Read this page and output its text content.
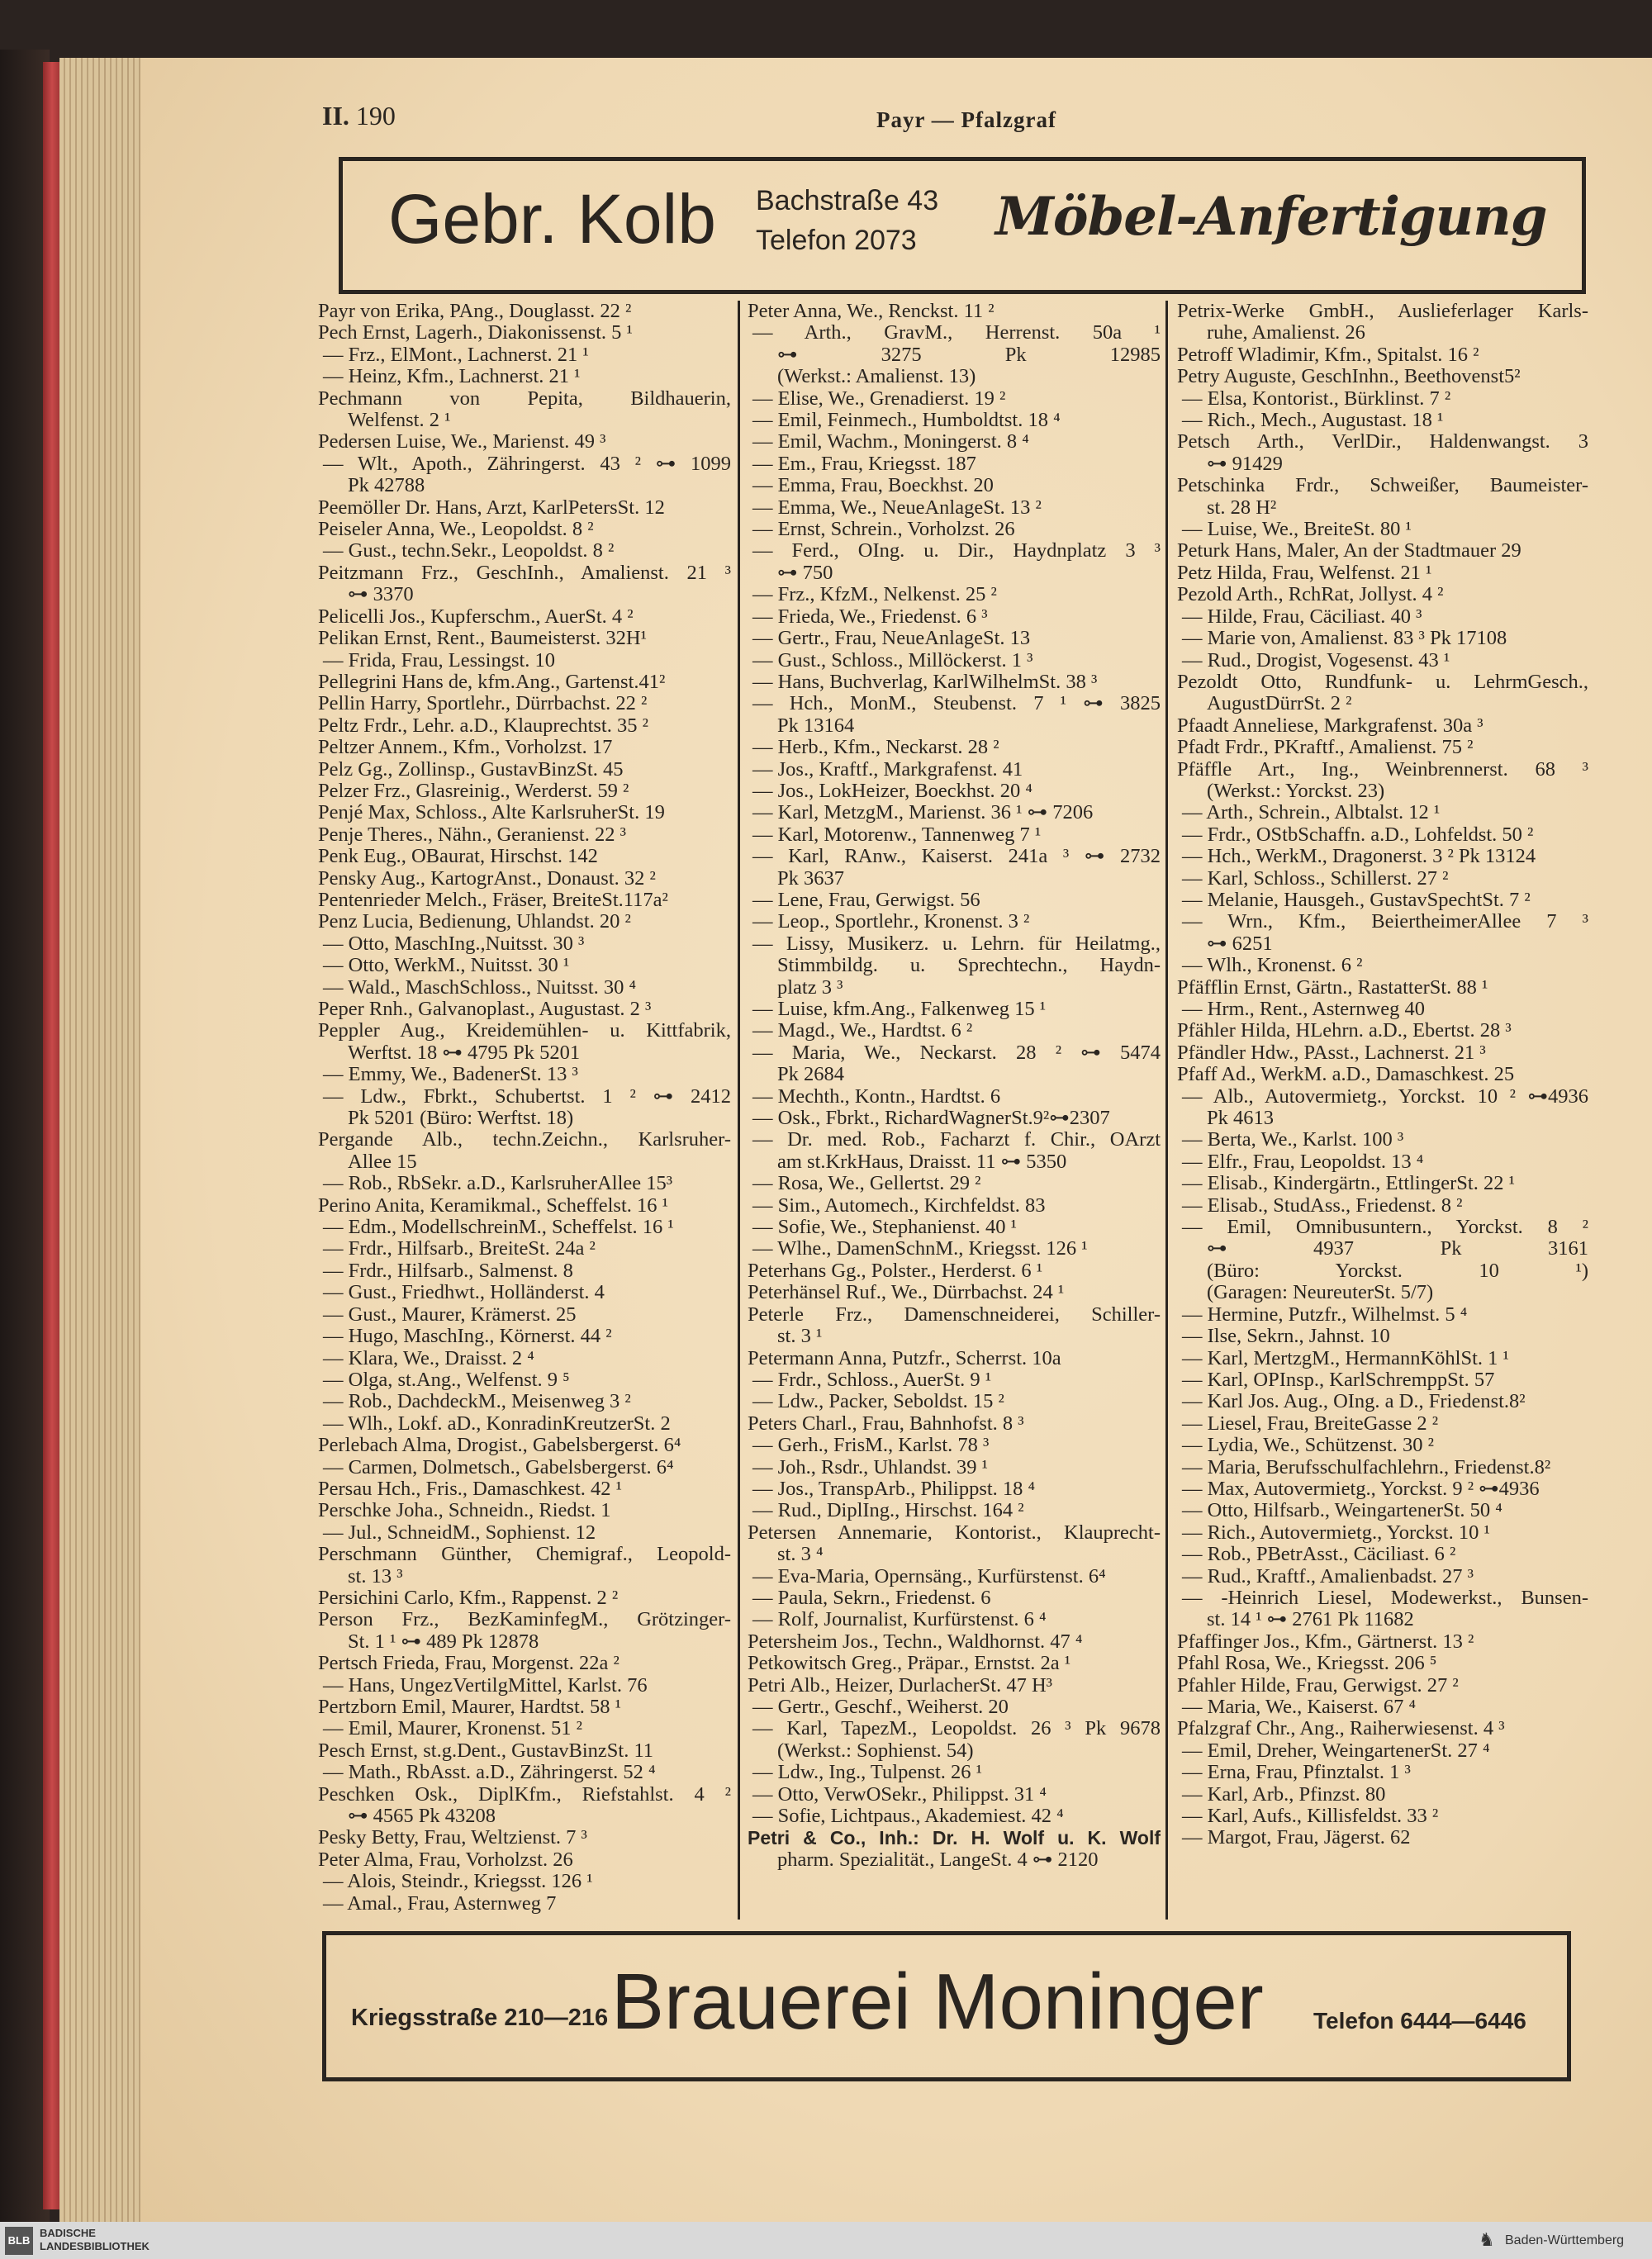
II. 190	Payr — Pfalzgraf
Gebr. Kolb Bachstraße 43
Telefon 2073	Möbel-Anfertigung
Payr von Erika, PAng., Douglasst. 22 ²
Pech Ernst, Lagerh., Diakonissenst. 5 ¹
— Frz., ElMont., Lachnerst. 21 ¹
— Heinz, Kfm., Lachnerst. 21 ¹
Pechmann von Pepita, Bildhauerin,
Welfenst. 2 ¹
Pedersen Luise, We., Marienst. 49 ³
— Wlt., Apoth., Zähringerst. 43 ² ⊶ 1099
Pk 42788
Peemöller Dr. Hans, Arzt, KarlPetersSt. 12
Peiseler Anna, We., Leopoldst. 8 ²
— Gust., techn.Sekr., Leopoldst. 8 ²
Peitzmann Frz., GeschInh., Amalienst. 21 ³
⊶ 3370
Pelicelli Jos., Kupferschm., AuerSt. 4 ²
Pelikan Ernst, Rent., Baumeisterst. 32H¹
— Frida, Frau, Lessingst. 10
Pellegrini Hans de, kfm.Ang., Gartenst.41²
Pellin Harry, Sportlehr., Dürrbachst. 22 ²
Peltz Frdr., Lehr. a.D., Klauprechtst. 35 ²
Peltzer Annem., Kfm., Vorholzst. 17
Pelz Gg., Zollinsp., GustavBinzSt. 45
Pelzer Frz., Glasreinig., Werderst. 59 ²
Penjé Max, Schloss., Alte KarlsruherSt. 19
Penje Theres., Nähn., Geranienst. 22 ³
Penk Eug., OBaurat, Hirschst. 142
Pensky Aug., KartogrAnst., Donaust. 32 ²
Pentenrieder Melch., Fräser, BreiteSt.117a²
Penz Lucia, Bedienung, Uhlandst. 20 ²
— Otto, MaschIng.,Nuitsst. 30 ³
— Otto, WerkM., Nuitsst. 30 ¹
— Wald., MaschSchloss., Nuitsst. 30 ⁴
Peper Rnh., Galvanoplast., Augustast. 2 ³
Peppler Aug., Kreidemühlen- u. Kittfabrik,
Werftst. 18 ⊶ 4795 Pk 5201
— Emmy, We., BadenerSt. 13 ³
— Ldw., Fbrkt., Schubertst. 1 ² ⊶ 2412
Pk 5201 (Büro: Werftst. 18)
Pergande Alb., techn.Zeichn., Karlsruher-
Allee 15
— Rob., RbSekr. a.D., KarlsruherAllee 15³
Perino Anita, Keramikmal., Scheffelst. 16 ¹
— Edm., ModellschreinM., Scheffelst. 16 ¹
— Frdr., Hilfsarb., BreiteSt. 24a ²
— Frdr., Hilfsarb., Salmenst. 8
— Gust., Friedhwt., Holländerst. 4
— Gust., Maurer, Krämerst. 25
— Hugo, MaschIng., Körnerst. 44 ²
— Klara, We., Draisst. 2 ⁴
— Olga, st.Ang., Welfenst. 9 ⁵
— Rob., DachdeckM., Meisenweg 3 ²
— Wlh., Lokf. aD., KonradinKreutzerSt. 2
Perlebach Alma, Drogist., Gabelsbergerst. 6⁴
— Carmen, Dolmetsch., Gabelsbergerst. 6⁴
Persau Hch., Fris., Damaschkest. 42 ¹
Perschke Joha., Schneidn., Riedst. 1
— Jul., SchneidM., Sophienst. 12
Perschmann Günther, Chemigraf., Leopold-
st. 13 ³
Persichini Carlo, Kfm., Rappenst. 2 ²
Person Frz., BezKaminfegM., Grötzinger-
St. 1 ¹ ⊶ 489 Pk 12878
Pertsch Frieda, Frau, Morgenst. 22a ²
— Hans, UngezVertilgMittel, Karlst. 76
Pertzborn Emil, Maurer, Hardtst. 58 ¹
— Emil, Maurer, Kronenst. 51 ²
Pesch Ernst, st.g.Dent., GustavBinzSt. 11
— Math., RbAsst. a.D., Zähringerst. 52 ⁴
Peschken Osk., DiplKfm., Riefstahlst. 4 ²
⊶ 4565 Pk 43208
Pesky Betty, Frau, Weltzienst. 7 ³
Peter Alma, Frau, Vorholzst. 26
— Alois, Steindr., Kriegsst. 126 ¹
— Amal., Frau, Asternweg 7
Peter Anna, We., Renckst. 11 ²
— Arth., GravM., Herrenst. 50a ¹
⊶ 3275 Pk 12985
(Werkst.: Amalienst. 13)
— Elise, We., Grenadierst. 19 ²
— Emil, Feinmech., Humboldtst. 18 ⁴
— Emil, Wachm., Moningerst. 8 ⁴
— Em., Frau, Kriegsst. 187
— Emma, Frau, Boeckhst. 20
— Emma, We., NeueAnlageSt. 13 ²
— Ernst, Schrein., Vorholzst. 26
— Ferd., OIng. u. Dir., Haydnplatz 3 ³
⊶ 750
— Frz., KfzM., Nelkenst. 25 ²
— Frieda, We., Friedenst. 6 ³
— Gertr., Frau, NeueAnlageSt. 13
— Gust., Schloss., Millöckerst. 1 ³
— Hans, Buchverlag, KarlWilhelmSt. 38 ³
— Hch., MonM., Steubenst. 7 ¹ ⊶ 3825
Pk 13164
— Herb., Kfm., Neckarst. 28 ²
— Jos., Kraftf., Markgrafenst. 41
— Jos., LokHeizer, Boeckhst. 20 ⁴
— Karl, MetzgM., Marienst. 36 ¹ ⊶ 7206
— Karl, Motorenw., Tannenweg 7 ¹
— Karl, RAnw., Kaiserst. 241a ³ ⊶ 2732
Pk 3637
— Lene, Frau, Gerwigst. 56
— Leop., Sportlehr., Kronenst. 3 ²
— Lissy, Musikerz. u. Lehrn. für Heilatmg.,
Stimmbildg. u. Sprechtechn., Haydn-
platz 3 ³
— Luise, kfm.Ang., Falkenweg 15 ¹
— Magd., We., Hardtst. 6 ²
— Maria, We., Neckarst. 28 ² ⊶ 5474
Pk 2684
— Mechth., Kontn., Hardtst. 6
— Osk., Fbrkt., RichardWagnerSt.9²⊶2307
— Dr. med. Rob., Facharzt f. Chir., OArzt
am st.KrkHaus, Draisst. 11 ⊶ 5350
— Rosa, We., Gellertst. 29 ²
— Sim., Automech., Kirchfeldst. 83
— Sofie, We., Stephanienst. 40 ¹
— Wlhe., DamenSchnM., Kriegsst. 126 ¹
Peterhans Gg., Polster., Herderst. 6 ¹
Peterhänsel Ruf., We., Dürrbachst. 24 ¹
Peterle Frz., Damenschneiderei, Schiller-
st. 3 ¹
Petermann Anna, Putzfr., Scherrst. 10a
— Frdr., Schloss., AuerSt. 9 ¹
— Ldw., Packer, Seboldst. 15 ²
Peters Charl., Frau, Bahnhofst. 8 ³
— Gerh., FrisM., Karlst. 78 ³
— Joh., Rsdr., Uhlandst. 39 ¹
— Jos., TranspArb., Philippst. 18 ⁴
— Rud., DiplIng., Hirschst. 164 ²
Petersen Annemarie, Kontorist., Klauprecht-
st. 3 ⁴
— Eva-Maria, Opernsäng., Kurfürstenst. 6⁴
— Paula, Sekrn., Friedenst. 6
— Rolf, Journalist, Kurfürstenst. 6 ⁴
Petersheim Jos., Techn., Waldhornst. 47 ⁴
Petkowitsch Greg., Präpar., Ernstst. 2a ¹
Petri Alb., Heizer, DurlacherSt. 47 H³
— Gertr., Geschf., Weiherst. 20
— Karl, TapezM., Leopoldst. 26 ³ Pk 9678
(Werkst.: Sophienst. 54)
— Ldw., Ing., Tulpenst. 26 ¹
— Otto, VerwOSekr., Philippst. 31 ⁴
— Sofie, Lichtpaus., Akademiest. 42 ⁴
Petri & Co., Inh.: Dr. H. Wolf u. K. Wolf
pharm. Spezialität., LangeSt. 4 ⊶ 2120
Petrix-Werke GmbH., Auslieferlager Karls-
ruhe, Amalienst. 26
Petroff Wladimir, Kfm., Spitalst. 16 ²
Petry Auguste, GeschInhn., Beethovenst5²
— Elsa, Kontorist., Bürklinst. 7 ²
— Rich., Mech., Augustast. 18 ¹
Petsch Arth., VerlDir., Haldenwangst. 3
⊶ 91429
Petschinka Frdr., Schweißer, Baumeister-
st. 28 H²
— Luise, We., BreiteSt. 80 ¹
Peturk Hans, Maler, An der Stadtmauer 29
Petz Hilda, Frau, Welfenst. 21 ¹
Pezold Arth., RchRat, Jollyst. 4 ²
— Hilde, Frau, Cäciliast. 40 ³
— Marie von, Amalienst. 83 ³ Pk 17108
— Rud., Drogist, Vogesenst. 43 ¹
Pezoldt Otto, Rundfunk- u. LehrmGesch.,
AugustDürrSt. 2 ²
Pfaadt Anneliese, Markgrafenst. 30a ³
Pfadt Frdr., PKraftf., Amalienst. 75 ²
Pfäffle Art., Ing., Weinbrennerst. 68 ³
(Werkst.: Yorckst. 23)
— Arth., Schrein., Albtalst. 12 ¹
— Frdr., OStbSchaffn. a.D., Lohfeldst. 50 ²
— Hch., WerkM., Dragonerst. 3 ² Pk 13124
— Karl, Schloss., Schillerst. 27 ²
— Melanie, Hausgeh., GustavSpechtSt. 7 ²
— Wrn., Kfm., BeiertheimerAllee 7 ³
⊶ 6251
— Wlh., Kronenst. 6 ²
Pfäfflin Ernst, Gärtn., RastatterSt. 88 ¹
— Hrm., Rent., Asternweg 40
Pfähler Hilda, HLehrn. a.D., Ebertst. 28 ³
Pfändler Hdw., PAsst., Lachnerst. 21 ³
Pfaff Ad., WerkM. a.D., Damaschkest. 25
— Alb., Autovermietg., Yorckst. 10 ² ⊶4936
Pk 4613
— Berta, We., Karlst. 100 ³
— Elfr., Frau, Leopoldst. 13 ⁴
— Elisab., Kindergärtn., EttlingerSt. 22 ¹
— Elisab., StudAss., Friedenst. 8 ²
— Emil, Omnibusuntern., Yorckst. 8 ²
⊶ 4937 Pk 3161
(Büro: Yorckst. 10 ¹)
(Garagen: NeureuterSt. 5/7)
— Hermine, Putzfr., Wilhelmst. 5 ⁴
— Ilse, Sekrn., Jahnst. 10
— Karl, MertzgM., HermannKöhlSt. 1 ¹
— Karl, OPInsp., KarlSchremppSt. 57
— Karl Jos. Aug., OIng. a D., Friedenst.8²
— Liesel, Frau, BreiteGasse 2 ²
— Lydia, We., Schützenst. 30 ²
— Maria, Berufsschulfachlehrn., Friedenst.8²
— Max, Autovermietg., Yorckst. 9 ² ⊶4936
— Otto, Hilfsarb., WeingartenerSt. 50 ⁴
— Rich., Autovermietg., Yorckst. 10 ¹
— Rob., PBetrAsst., Cäciliast. 6 ²
— Rud., Kraftf., Amalienbadst. 27 ³
— -Heinrich Liesel, Modewerkst., Bunsen-
st. 14 ¹ ⊶ 2761 Pk 11682
Pfaffinger Jos., Kfm., Gärtnerst. 13 ²
Pfahl Rosa, We., Kriegsst. 206 ⁵
Pfahler Hilde, Frau, Gerwigst. 27 ²
— Maria, We., Kaiserst. 67 ⁴
Pfalzgraf Chr., Ang., Raiherwiesenst. 4 ³
— Emil, Dreher, WeingartenerSt. 27 ⁴
— Erna, Frau, Pfinztalst. 1 ³
— Karl, Arb., Pfinzst. 80
— Karl, Aufs., Killisfeldst. 33 ²
— Margot, Frau, Jägerst. 62
Kriegsstraße 210—216 Brauerei Moninger Telefon 6444—6446
BLB
BADISCHE
LANDESBIBLIOTHEK	♞ Baden-Württemberg
